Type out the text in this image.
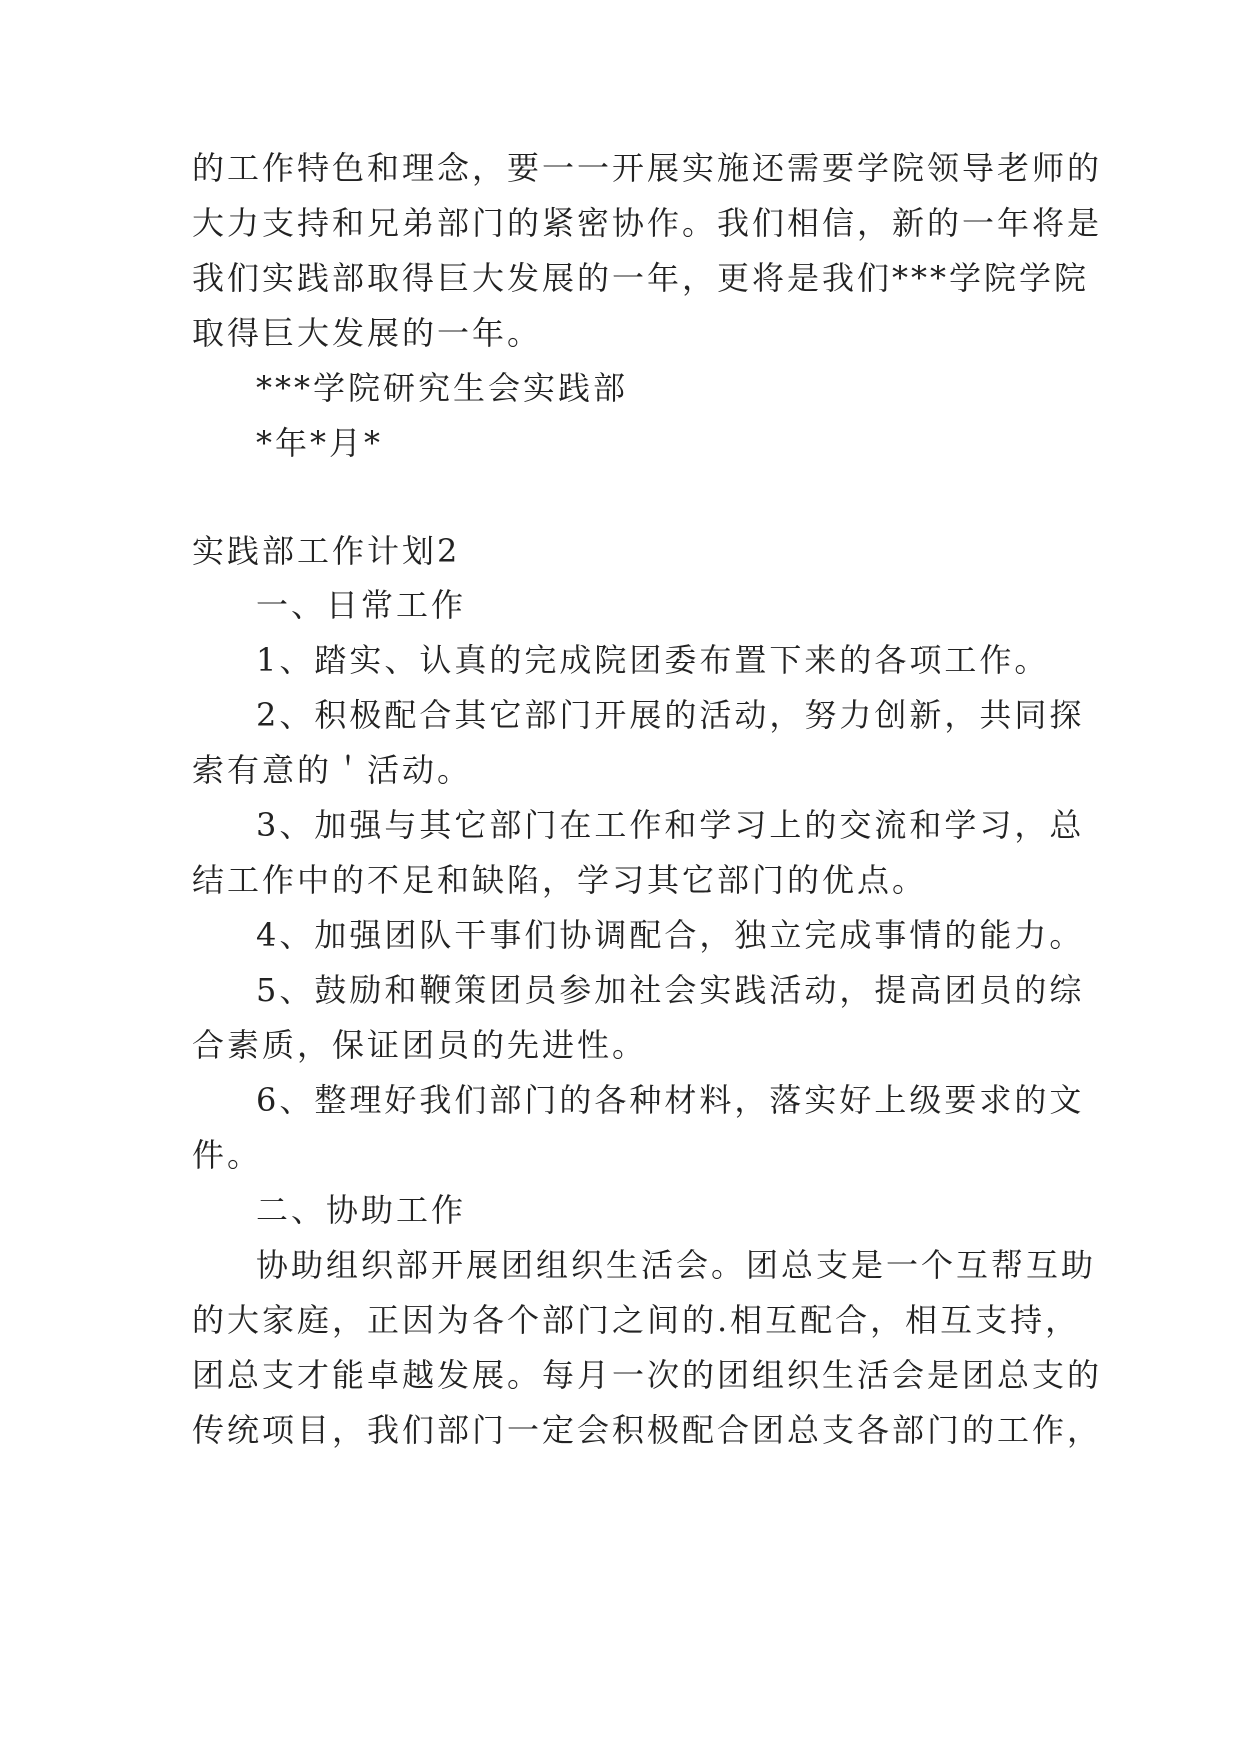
的工作特色和理念，要一一开展实施还需要学院领导老师的
大力支持和兄弟部门的紧密协作。我们相信，新的一年将是
我们实践部取得巨大发展的一年，更将是我们***学院学院
取得巨大发展的一年。
***学院研究生会实践部
*年*月*
实践部工作计划2
一、日常工作
1、踏实、认真的完成院团委布置下来的各项工作。
2、积极配合其它部门开展的活动，努力创新，共同探
索有意的＇活动。
3、加强与其它部门在工作和学习上的交流和学习，总
结工作中的不足和缺陷，学习其它部门的优点。
4、加强团队干事们协调配合，独立完成事情的能力。
5、鼓励和鞭策团员参加社会实践活动，提高团员的综
合素质，保证团员的先进性。
6、整理好我们部门的各种材料，落实好上级要求的文
件。
二、协助工作
协助组织部开展团组织生活会。团总支是一个互帮互助
的大家庭，正因为各个部门之间的.相互配合，相互支持，
团总支才能卓越发展。每月一次的团组织生活会是团总支的
传统项目，我们部门一定会积极配合团总支各部门的工作，
